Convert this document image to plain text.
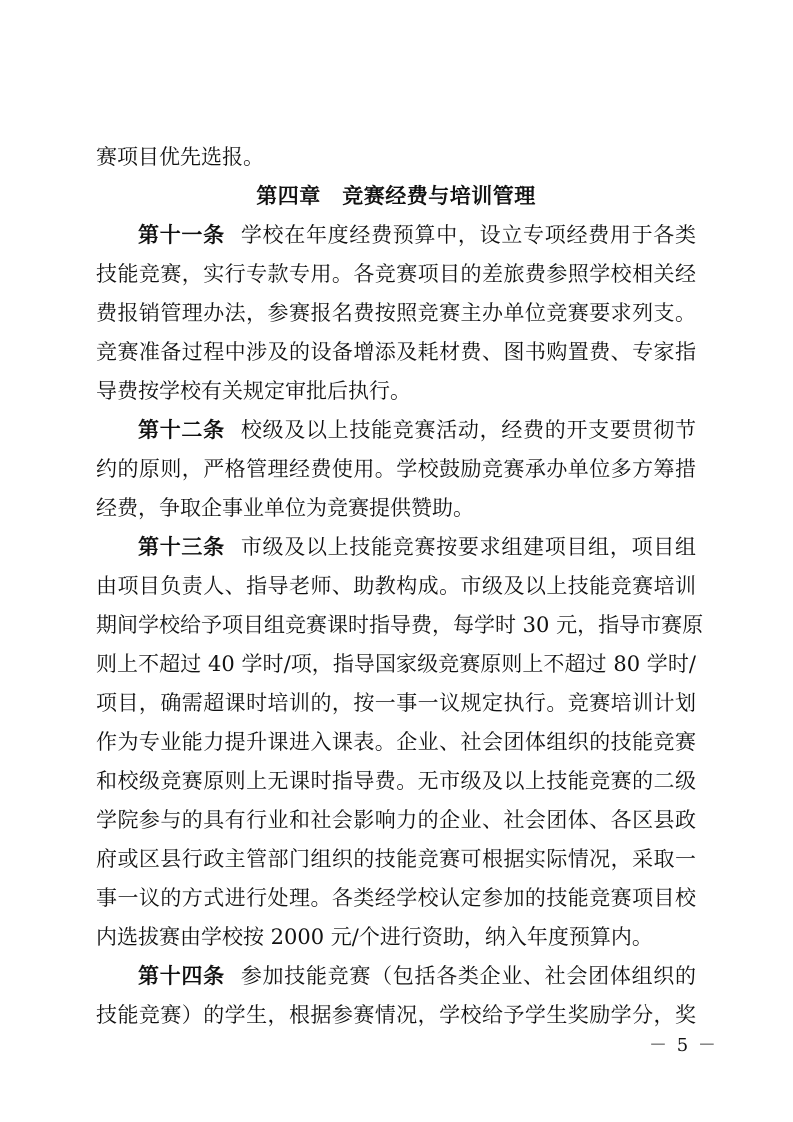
赛项目优先选报。
第四章　竞赛经费与培训管理
第十一条 学校在年度经费预算中，设立专项经费用于各类
技能竞赛，实行专款专用。各竞赛项目的差旅费参照学校相关经
费报销管理办法，参赛报名费按照竞赛主办单位竞赛要求列支。
竞赛准备过程中涉及的设备增添及耗材费、图书购置费、专家指
导费按学校有关规定审批后执行。
第十二条 校级及以上技能竞赛活动，经费的开支要贯彻节
约的原则，严格管理经费使用。学校鼓励竞赛承办单位多方筹措
经费，争取企事业单位为竞赛提供赞助。
第十三条 市级及以上技能竞赛按要求组建项目组，项目组
由项目负责人、指导老师、助教构成。市级及以上技能竞赛培训
期间学校给予项目组竞赛课时指导费，每学时 30 元，指导市赛原
则上不超过 40 学时/项，指导国家级竞赛原则上不超过 80 学时/
项目，确需超课时培训的，按一事一议规定执行。竞赛培训计划
作为专业能力提升课进入课表。企业、社会团体组织的技能竞赛
和校级竞赛原则上无课时指导费。无市级及以上技能竞赛的二级
学院参与的具有行业和社会影响力的企业、社会团体、各区县政
府或区县行政主管部门组织的技能竞赛可根据实际情况，采取一
事一议的方式进行处理。各类经学校认定参加的技能竞赛项目校
内选拔赛由学校按 2000 元/个进行资助，纳入年度预算内。
第十四条 参加技能竞赛（包括各类企业、社会团体组织的
技能竞赛）的学生，根据参赛情况，学校给予学生奖励学分，奖
－ 5 －
